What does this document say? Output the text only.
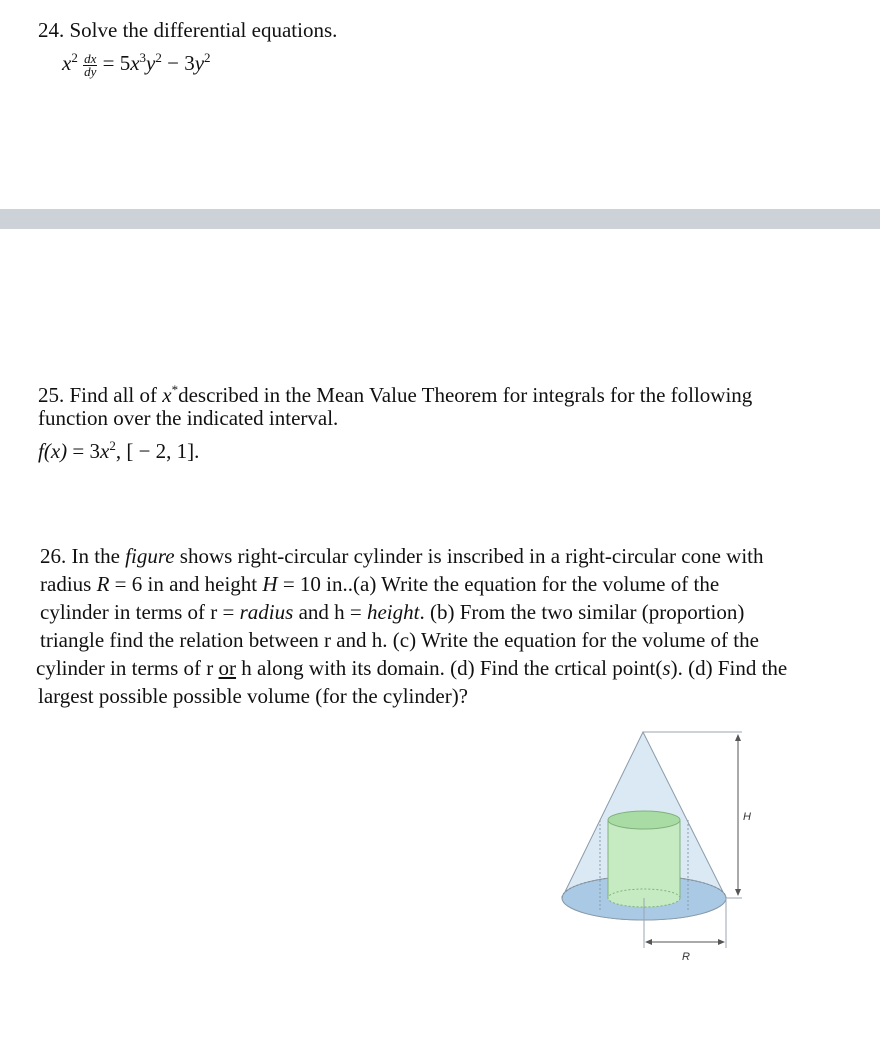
24. Solve the differential equations.
$x^2 \frac{dx}{dy} = 5x^3y^2 - 3y^2$
25. Find all of x*described in the Mean Value Theorem for integrals for the following
function over the indicated interval.
$f(x) = 3x^2$, [ − 2, 1].
26. In the figure shows right-circular cylinder is inscribed in a right-circular cone with
radius R = 6 in and height H = 10 in..(a) Write the equation for the volume of the
cylinder in terms of r = radius and h = height. (b) From the two similar (proportion)
triangle find the relation between r and h. (c) Write the equation for the volume of the
cylinder in terms of r or h along with its domain. (d) Find the crtical point(s). (d) Find the
largest possible possible volume (for the cylinder)?
H
R
